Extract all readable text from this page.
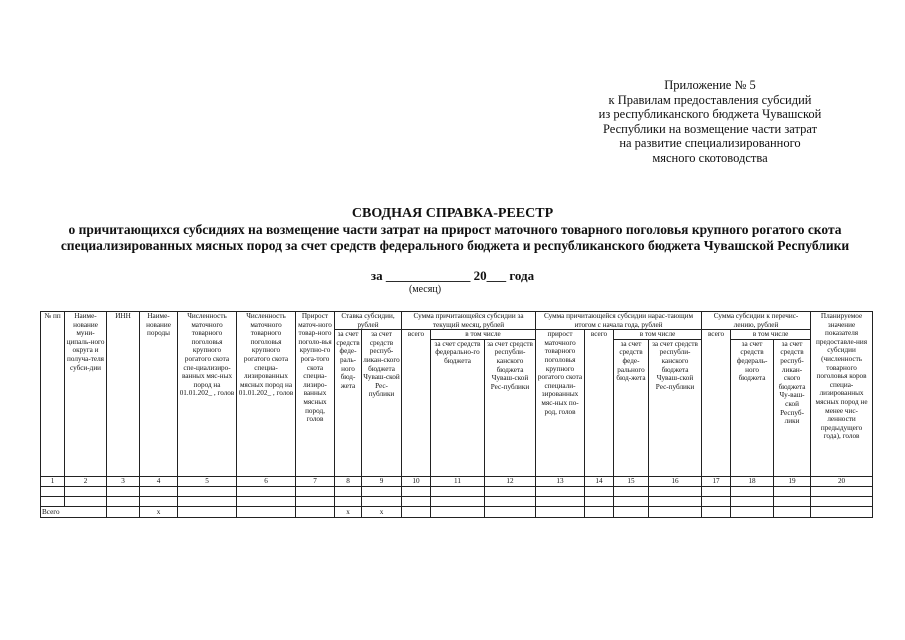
Приложение № 5
к Правилам предоставления субсидий
из республиканского бюджета Чувашской
Республики на возмещение части затрат
на развитие специализированного
мясного скотоводства
СВОДНАЯ СПРАВКА-РЕЕСТР
о причитающихся субсидиях на возмещение части затрат на прирост маточного товарного поголовья крупного рогатого скота специализированных мясных пород за счет средств федерального бюджета и республиканского бюджета Чувашской Республики
за _____________ 20___ года
(месяц)
№ пп	Наиме-нование муни-ципаль-ного округа и получа-теля субси-дии	ИНН	Наиме-нование породы	Численность маточного товарного поголовья крупного рогатого скота спе-циализиро-ванных мяс-ных пород на 01.01.202_ , голов	Численность маточного товарного поголовья крупного рогатого скота специа-лизированных мясных пород на 01.01.202_ , голов	Прирост маточ-ного товар-ного поголо-вья крупно-го рога-того скота специа-лизиро-ванных мясных пород, голов	Ставка субсидии, рублей		Сумма причитающейся субсидии за текущий месяц, рублей			Сумма причитающейся субсидии нарас-тающим итогом с начала года, рублей				Сумма субсидии к перечис-лению, рублей			Планируемое значение показателя предоставле-ния субсидии (численность товарного поголовья коров специа-лизированных мясных пород не менее чис-ленности предыдущего года), голов
							за счет средств феде-раль-ного бюд-жета	за счет средств респуб-ликан-ского бюджета Чуваш-ской Рес-публики	всего	в том числе		прирост маточного товарного поголовья крупного рогатого скота специали-зированных мяс-ных по-род, голов	всего	в том числе		всего	в том числе		
										за счет средств федерально-го бюджета	за счет средств республи-канского бюджета Чуваш-ской Рес-публики			за счет средств феде-рального бюд-жета	за счет средств республи-канского бюджета Чуваш-ской Рес-публики		за счет средств федераль-ного бюджета	за счет средств респуб-ликан-ского бюджета Чу-ваш-ской Респуб-лики	
1	2	3	4	5	6	7	8	9	10	11	12	13	14	15	16	17	18	19	20

Всего			х				х	х											
